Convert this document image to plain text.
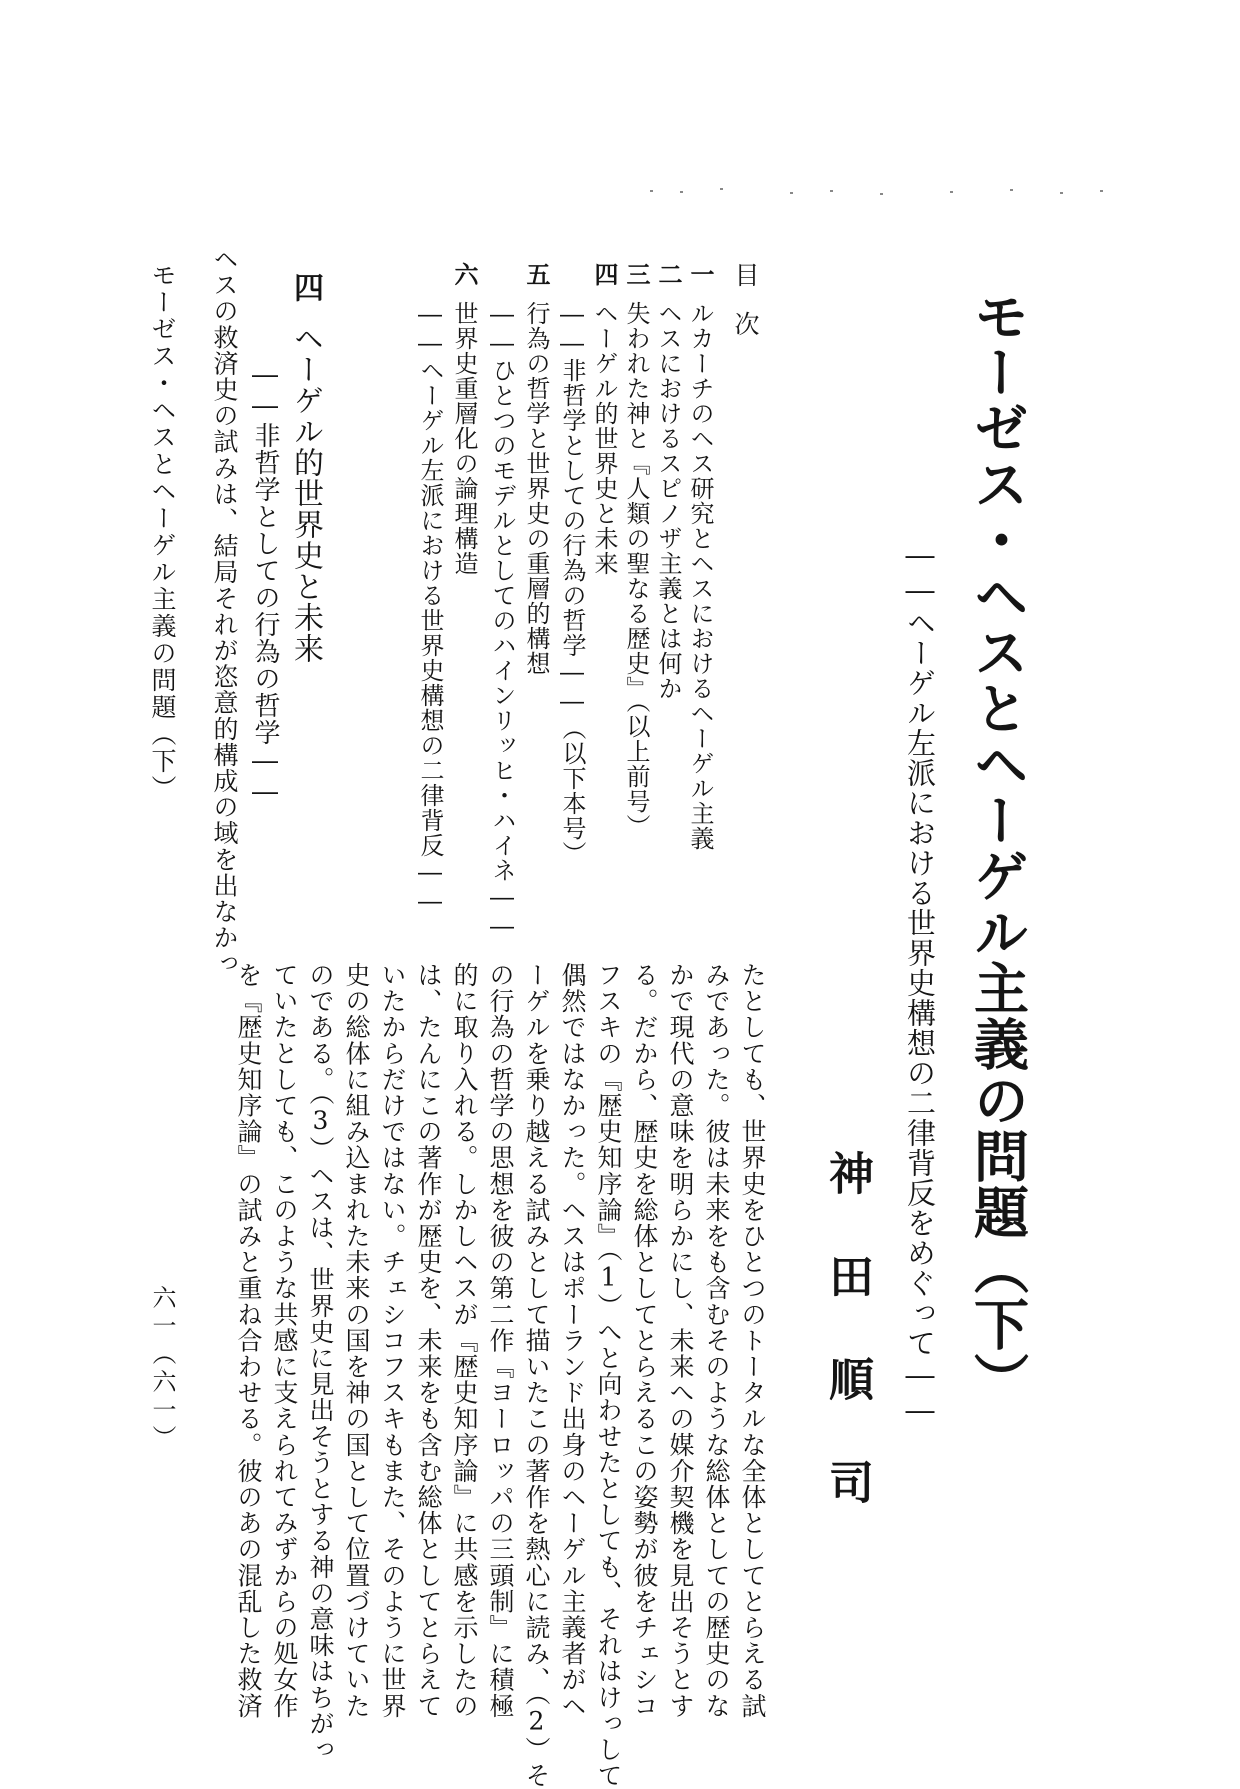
モーゼス・ヘスとヘーゲル主義の問題（下）
――ヘーゲル左派における世界史構想の二律背反をめぐって――
神田順司
目次
一ルカーチのヘス研究とヘスにおけるヘーゲル主義
二ヘスにおけるスピノザ主義とは何か
三失われた神と『人類の聖なる歴史』（以上前号）
四ヘーゲル的世界史と未来
――非哲学としての行為の哲学――（以下本号）
五行為の哲学と世界史の重層的構想
――ひとつのモデルとしてのハインリッヒ・ハイネ――
六世界史重層化の論理構造
――ヘーゲル左派における世界史構想の二律背反――
四ヘーゲル的世界史と未来
――非哲学としての行為の哲学――
ヘスの救済史の試みは、結局それが恣意的構成の域を出なかっ
たとしても、世界史をひとつのトータルな全体としてとらえる試
みであった。彼は未来をも含むそのような総体としての歴史のな
かで現代の意味を明らかにし、未来への媒介契機を見出そうとす
る。だから、歴史を総体としてとらえるこの姿勢が彼をチェシコ
フスキの『歴史知序論』（1）へと向わせたとしても、それはけっして
偶然ではなかった。ヘスはポーランド出身のヘーゲル主義者がヘ
ーゲルを乗り越える試みとして描いたこの著作を熱心に読み、（2）そ
の行為の哲学の思想を彼の第二作『ヨーロッパの三頭制』に積極
的に取り入れる。しかしヘスが『歴史知序論』に共感を示したの
は、たんにこの著作が歴史を、未来をも含む総体としてとらえて
いたからだけではない。チェシコフスキもまた、そのように世界
史の総体に組み込まれた未来の国を神の国として位置づけていた
のである。（3）ヘスは、世界史に見出そうとする神の意味はちがっ
ていたとしても、このような共感に支えられてみずからの処女作
を『歴史知序論』の試みと重ね合わせる。彼のあの混乱した救済
モーゼス・ヘスとヘーゲル主義の問題（下）
六一（六一）
